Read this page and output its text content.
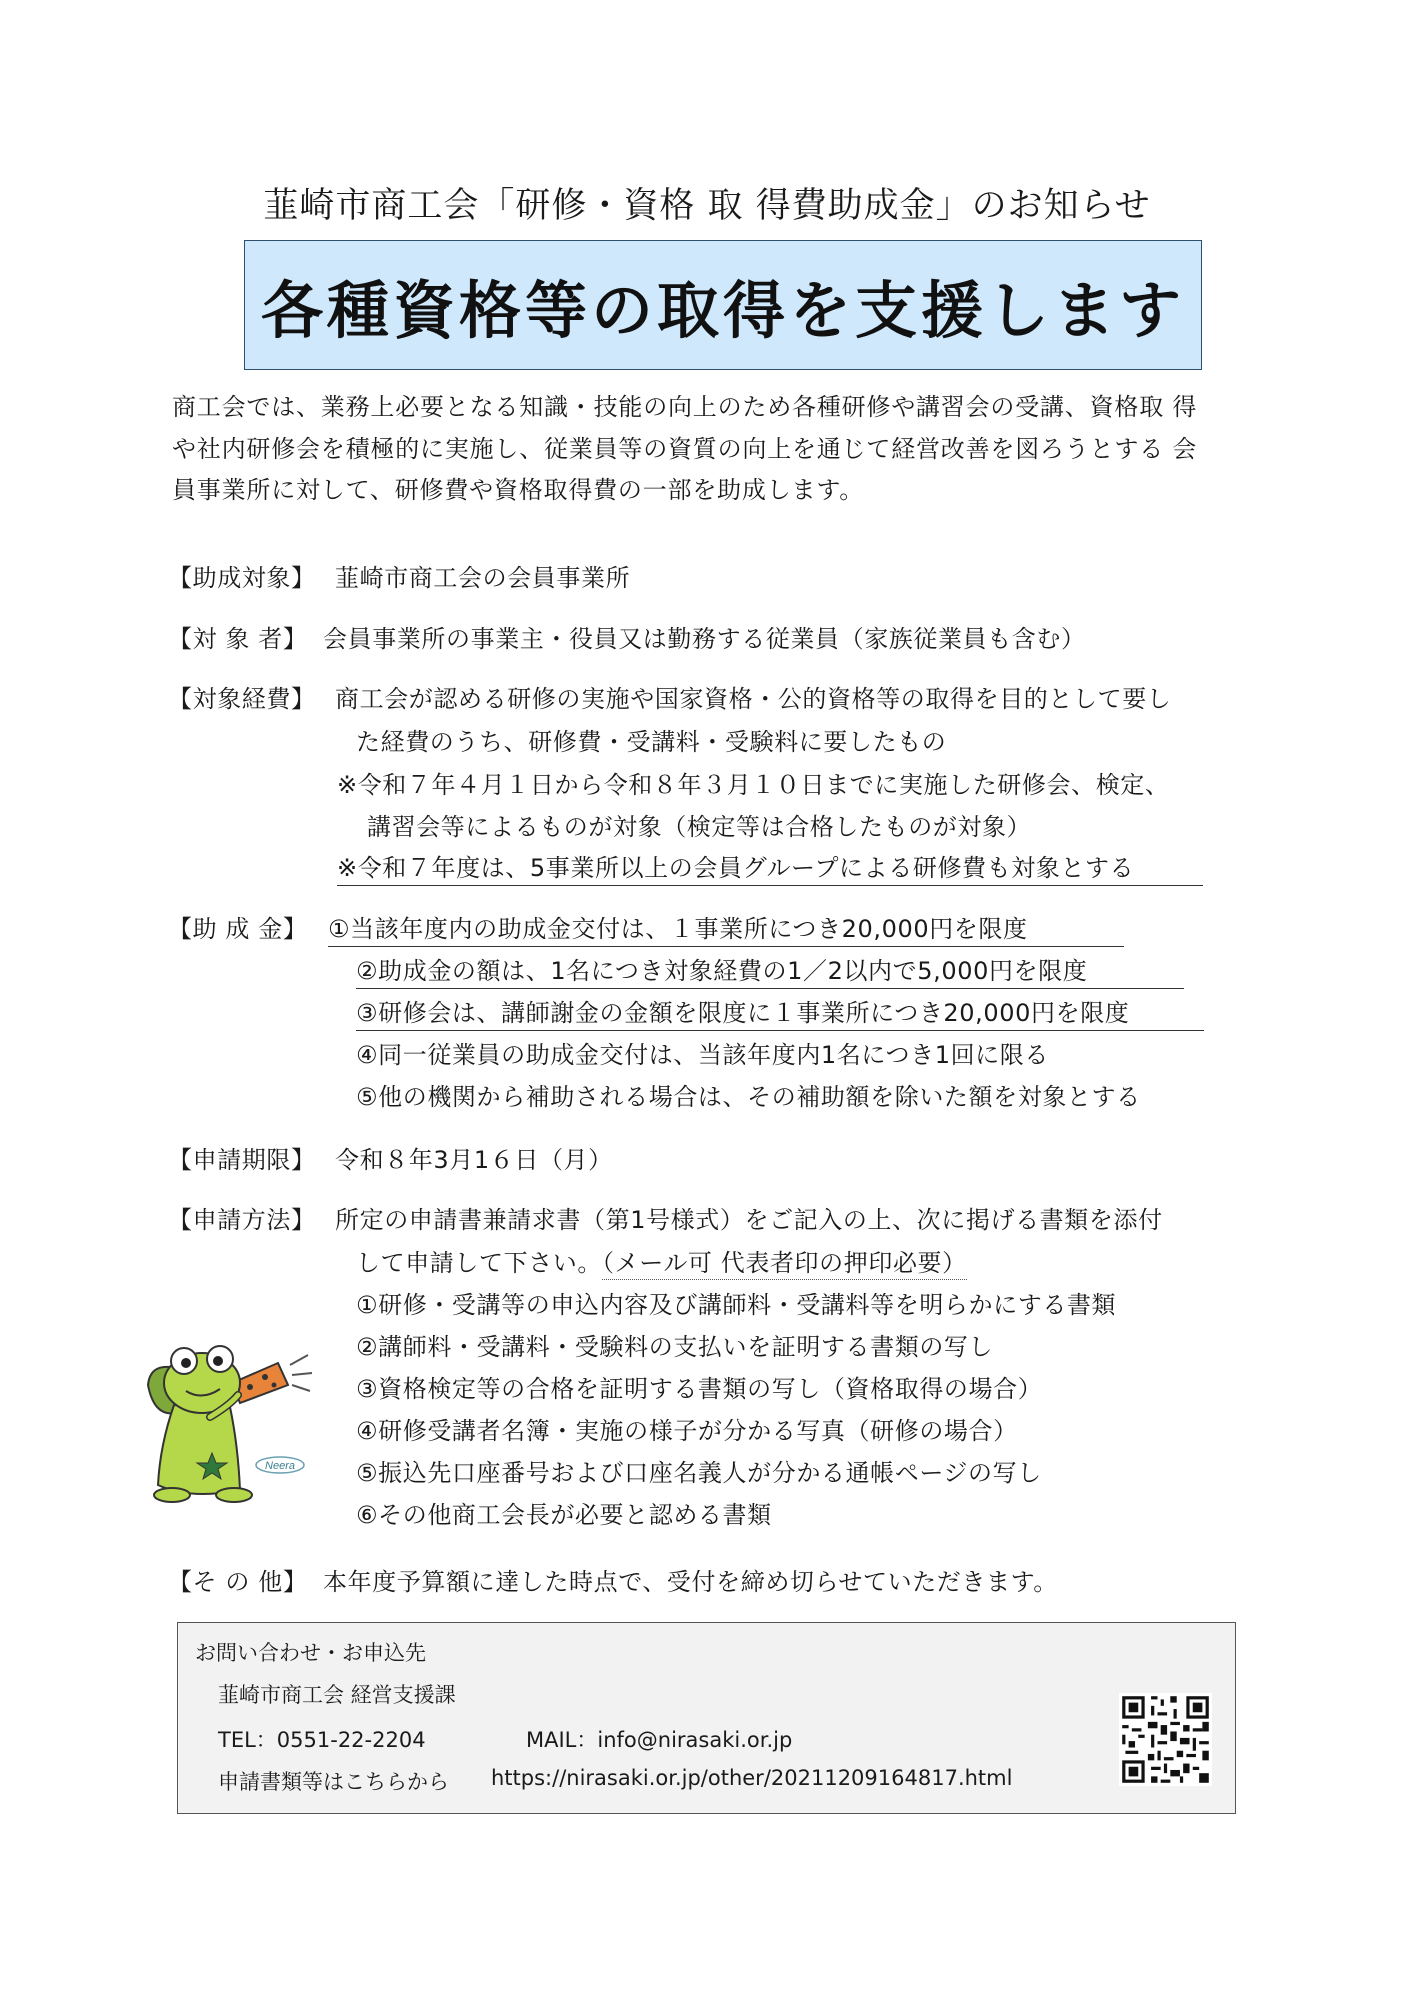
韮崎市商工会「研修・資格 取 得費助成金」のお知らせ
各種資格等の取得を支援します
商工会では、業務上必要となる知識・技能の向上のため各種研修や講習会の受講、資格取 得
や社内研修会を積極的に実施し、従業員等の資質の向上を通じて経営改善を図ろうとする 会
員事業所に対して、研修費や資格取得費の一部を助成します。
【助成対象】 韮崎市商工会の会員事業所
【対 象 者】 会員事業所の事業主・役員又は勤務する従業員（家族従業員も含む）
【対象経費】 商工会が認める研修の実施や国家資格・公的資格等の取得を目的として要し
た経費のうち、研修費・受講料・受験料に要したもの
※令和７年４月１日から令和８年３月１０日までに実施した研修会、検定、
講習会等によるものが対象（検定等は合格したものが対象）
※令和７年度は、5事業所以上の会員グループによる研修費も対象とする
【助 成 金】 ①当該年度内の助成金交付は、１事業所につき20,000円を限度
②助成金の額は、1名につき対象経費の1／2以内で5,000円を限度
③研修会は、講師謝金の金額を限度に１事業所につき20,000円を限度
④同一従業員の助成金交付は、当該年度内1名につき1回に限る
⑤他の機関から補助される場合は、その補助額を除いた額を対象とする
【申請期限】 令和８年3月1６日（月）
【申請方法】 所定の申請書兼請求書（第1号様式）をご記入の上、次に掲げる書類を添付
して申請して下さい。（メール可 代表者印の押印必要）
①研修・受講等の申込内容及び講師料・受講料等を明らかにする書類
②講師料・受講料・受験料の支払いを証明する書類の写し
③資格検定等の合格を証明する書類の写し（資格取得の場合）
④研修受講者名簿・実施の様子が分かる写真（研修の場合）
⑤振込先口座番号および口座名義人が分かる通帳ページの写し
⑥その他商工会長が必要と認める書類
Neera
【そ の 他】 本年度予算額に達した時点で、受付を締め切らせていただきます。
お問い合わせ・お申込先
韮崎市商工会 経営支援課
TEL：0551-22-2204	MAIL：info@nirasaki.or.jp
申請書類等はこちらから https://nirasaki.or.jp/other/20211209164817.html
